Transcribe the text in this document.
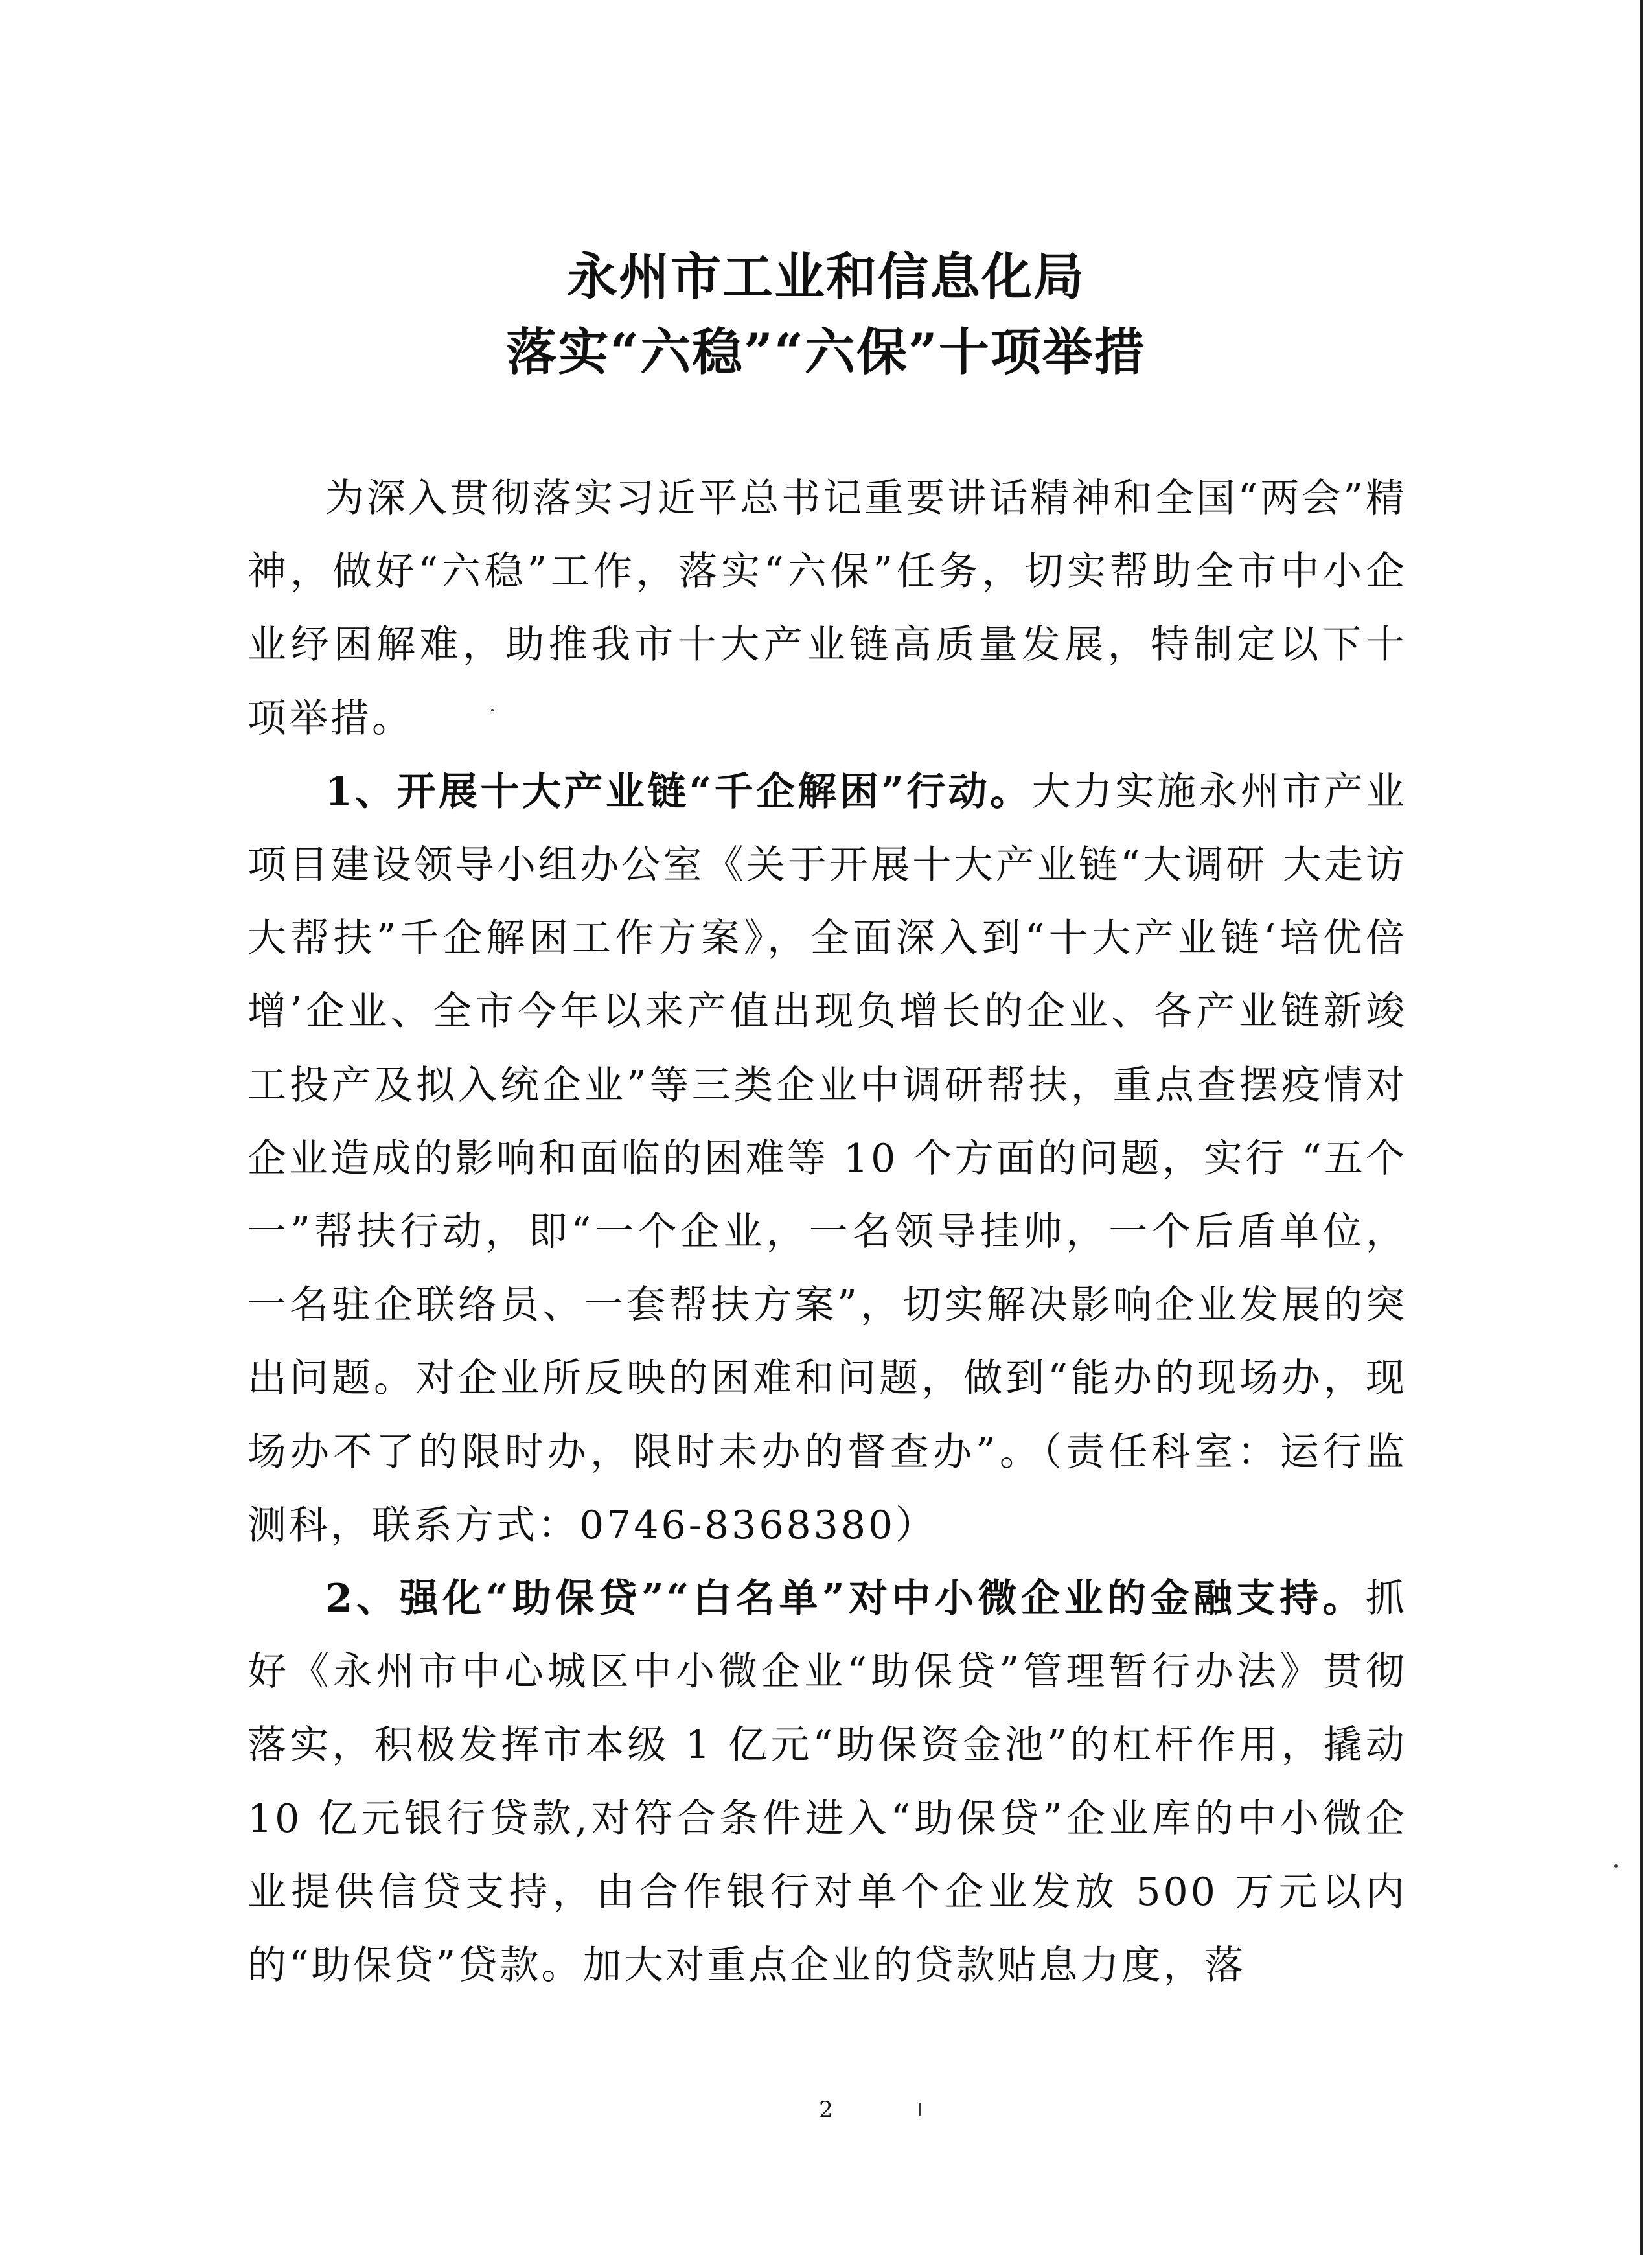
永州市工业和信息化局
落实“六稳”“六保”十项举措

为深入贯彻落实习近平总书记重要讲话精神和全国“两会”精神，做好“六稳”工作，落实“六保”任务，切实帮助全市中小企业纾困解难，助推我市十大产业链高质量发展，特制定以下十项举措。

1、开展十大产业链“千企解困”行动。大力实施永州市产业项目建设领导小组办公室《关于开展十大产业链“大调研 大走访 大帮扶”千企解困工作方案》，全面深入到“十大产业链‘培优倍增’企业、全市今年以来产值出现负增长的企业、各产业链新竣工投产及拟入统企业”等三类企业中调研帮扶，重点查摆疫情对企业造成的影响和面临的困难等 10 个方面的问题，实行 “五个一”帮扶行动，即“一个企业，一名领导挂帅，一个后盾单位，一名驻企联络员、一套帮扶方案”，切实解决影响企业发展的突出问题。对企业所反映的困难和问题，做到“能办的现场办，现场办不了的限时办，限时未办的督查办”。（责任科室：运行监测科，联系方式：0746-8368380）

2、强化“助保贷”“白名单”对中小微企业的金融支持。抓好《永州市中心城区中小微企业“助保贷”管理暂行办法》贯彻落实，积极发挥市本级 1 亿元“助保资金池”的杠杆作用，撬动 10 亿元银行贷款,对符合条件进入“助保贷”企业库的中小微企业提供信贷支持，由合作银行对单个企业发放 500 万元以内的“助保贷”贷款。加大对重点企业的贷款贴息力度，落

2
